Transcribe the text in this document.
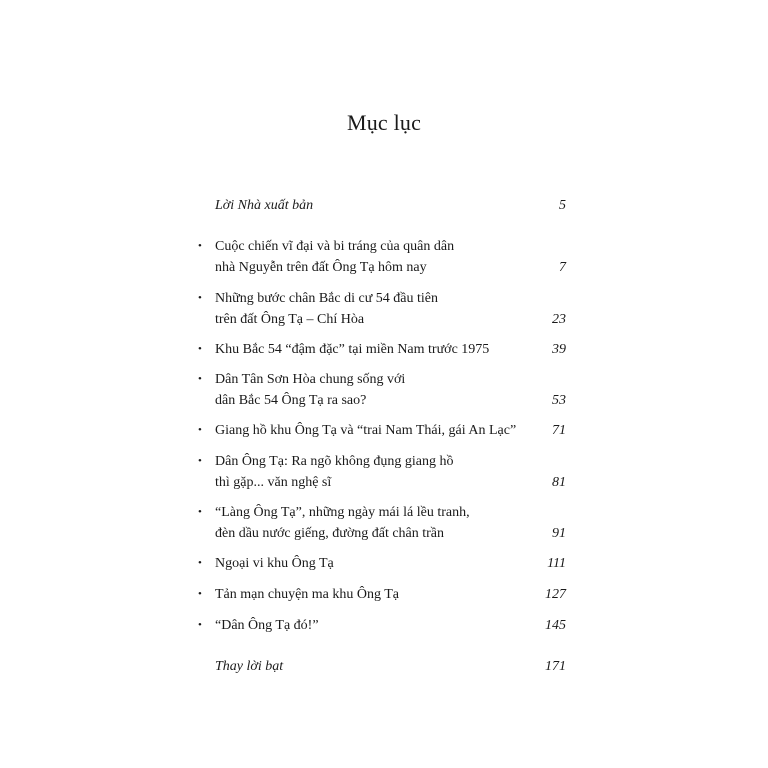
Mục lục
Lời Nhà xuất bản	5
• Cuộc chiến vĩ đại và bi tráng của quân dân
nhà Nguyễn trên đất Ông Tạ hôm nay	7
• Những bước chân Bắc di cư 54 đầu tiên
trên đất Ông Tạ – Chí Hòa	23
• Khu Bắc 54 “đậm đặc” tại miền Nam trước 1975	39
• Dân Tân Sơn Hòa chung sống với
dân Bắc 54 Ông Tạ ra sao?	53
• Giang hồ khu Ông Tạ và “trai Nam Thái, gái An Lạc”	71
• Dân Ông Tạ: Ra ngõ không đụng giang hồ
thì gặp... văn nghệ sĩ	81
• “Làng Ông Tạ”, những ngày mái lá lều tranh,
đèn dầu nước giếng, đường đất chân trần	91
• Ngoại vi khu Ông Tạ	111
• Tản mạn chuyện ma khu Ông Tạ	127
• “Dân Ông Tạ đó!”	145
Thay lời bạt	171
